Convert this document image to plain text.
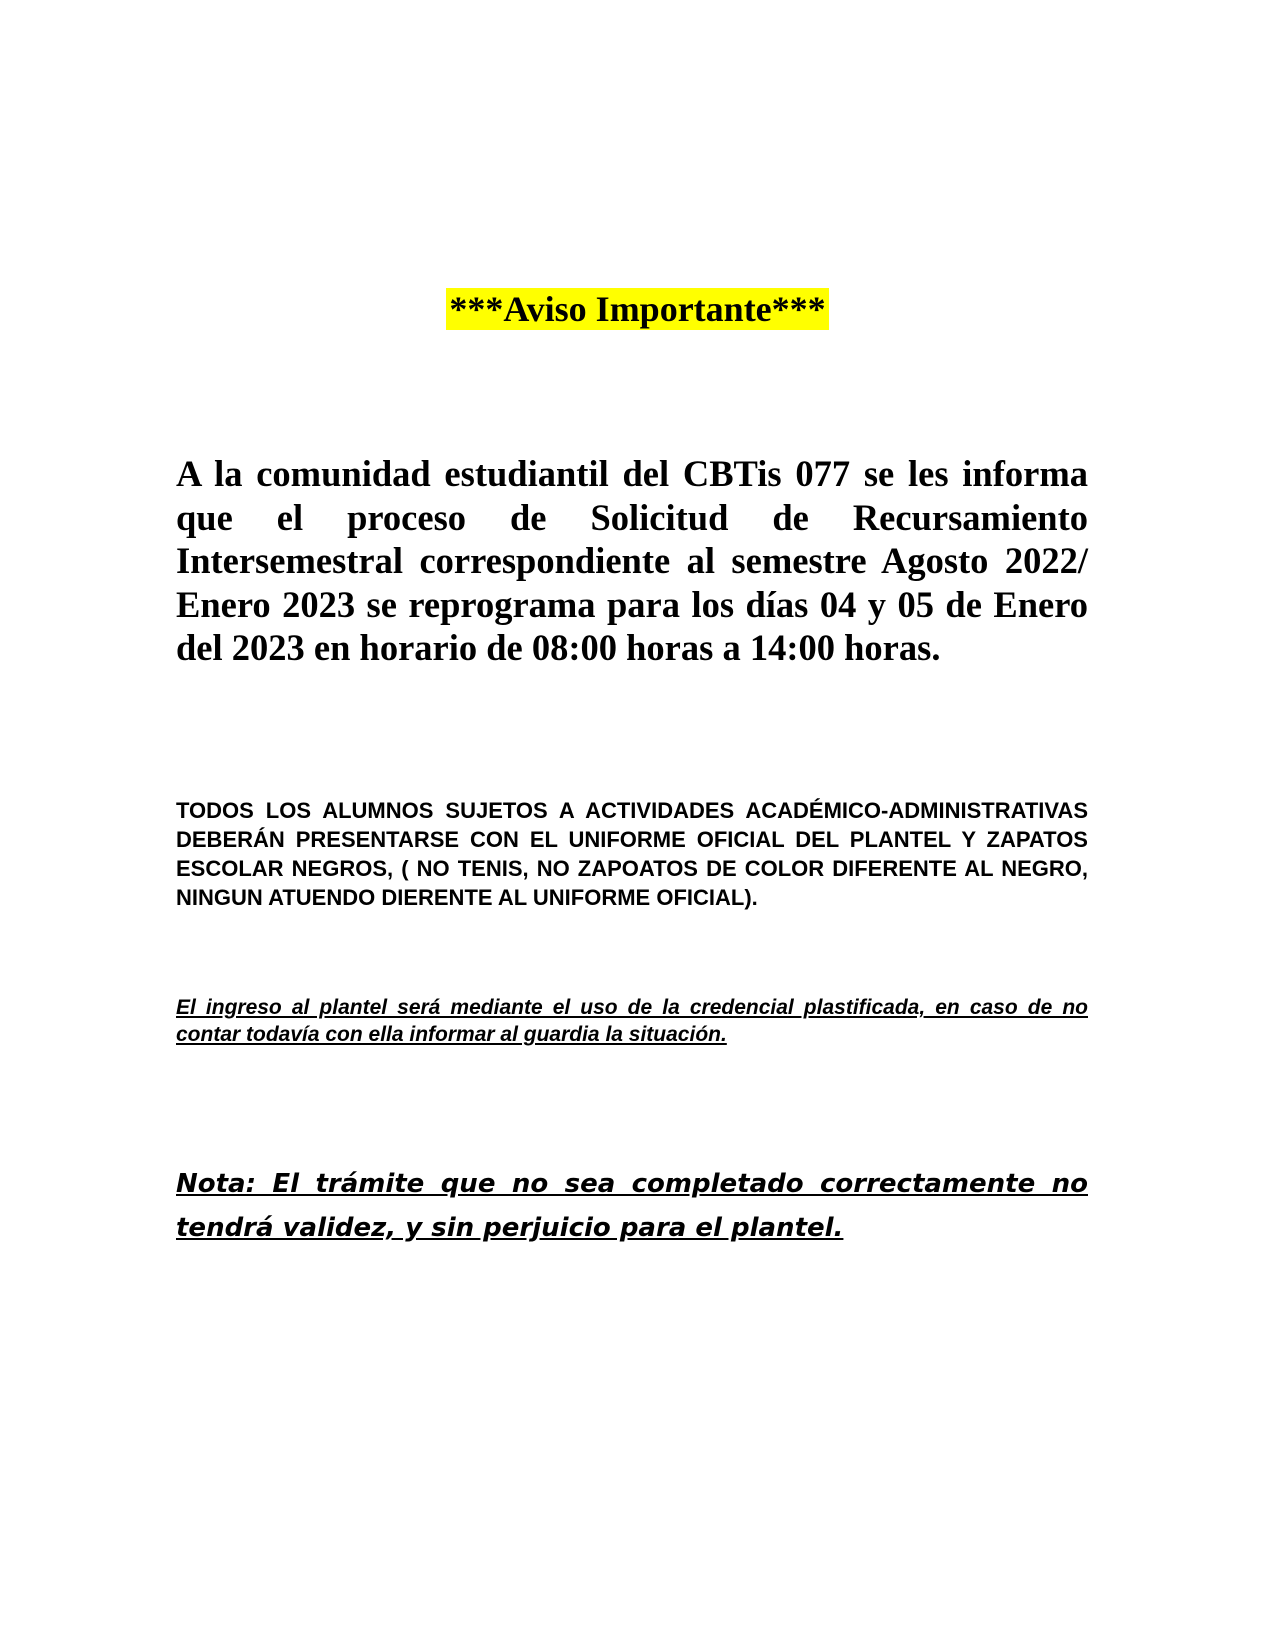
***Aviso Importante***
A la comunidad estudiantil del CBTis 077 se les informa que el proceso de Solicitud de Recursamiento Intersemestral correspondiente al semestre Agosto 2022/ Enero 2023 se reprograma para los días 04 y 05 de Enero del 2023 en horario de 08:00 horas a 14:00 horas.
TODOS LOS ALUMNOS SUJETOS A ACTIVIDADES ACADÉMICO-ADMINISTRATIVAS DEBERÁN PRESENTARSE CON EL UNIFORME OFICIAL DEL PLANTEL Y ZAPATOS ESCOLAR NEGROS, ( NO TENIS, NO ZAPOATOS DE COLOR DIFERENTE AL NEGRO, NINGUN ATUENDO DIERENTE AL UNIFORME OFICIAL).
El ingreso al plantel será mediante el uso de la credencial plastificada, en caso de no contar todavía con ella informar al guardia la situación.
Nota: El trámite que no sea completado correctamente no tendrá validez, y sin perjuicio para el plantel.
